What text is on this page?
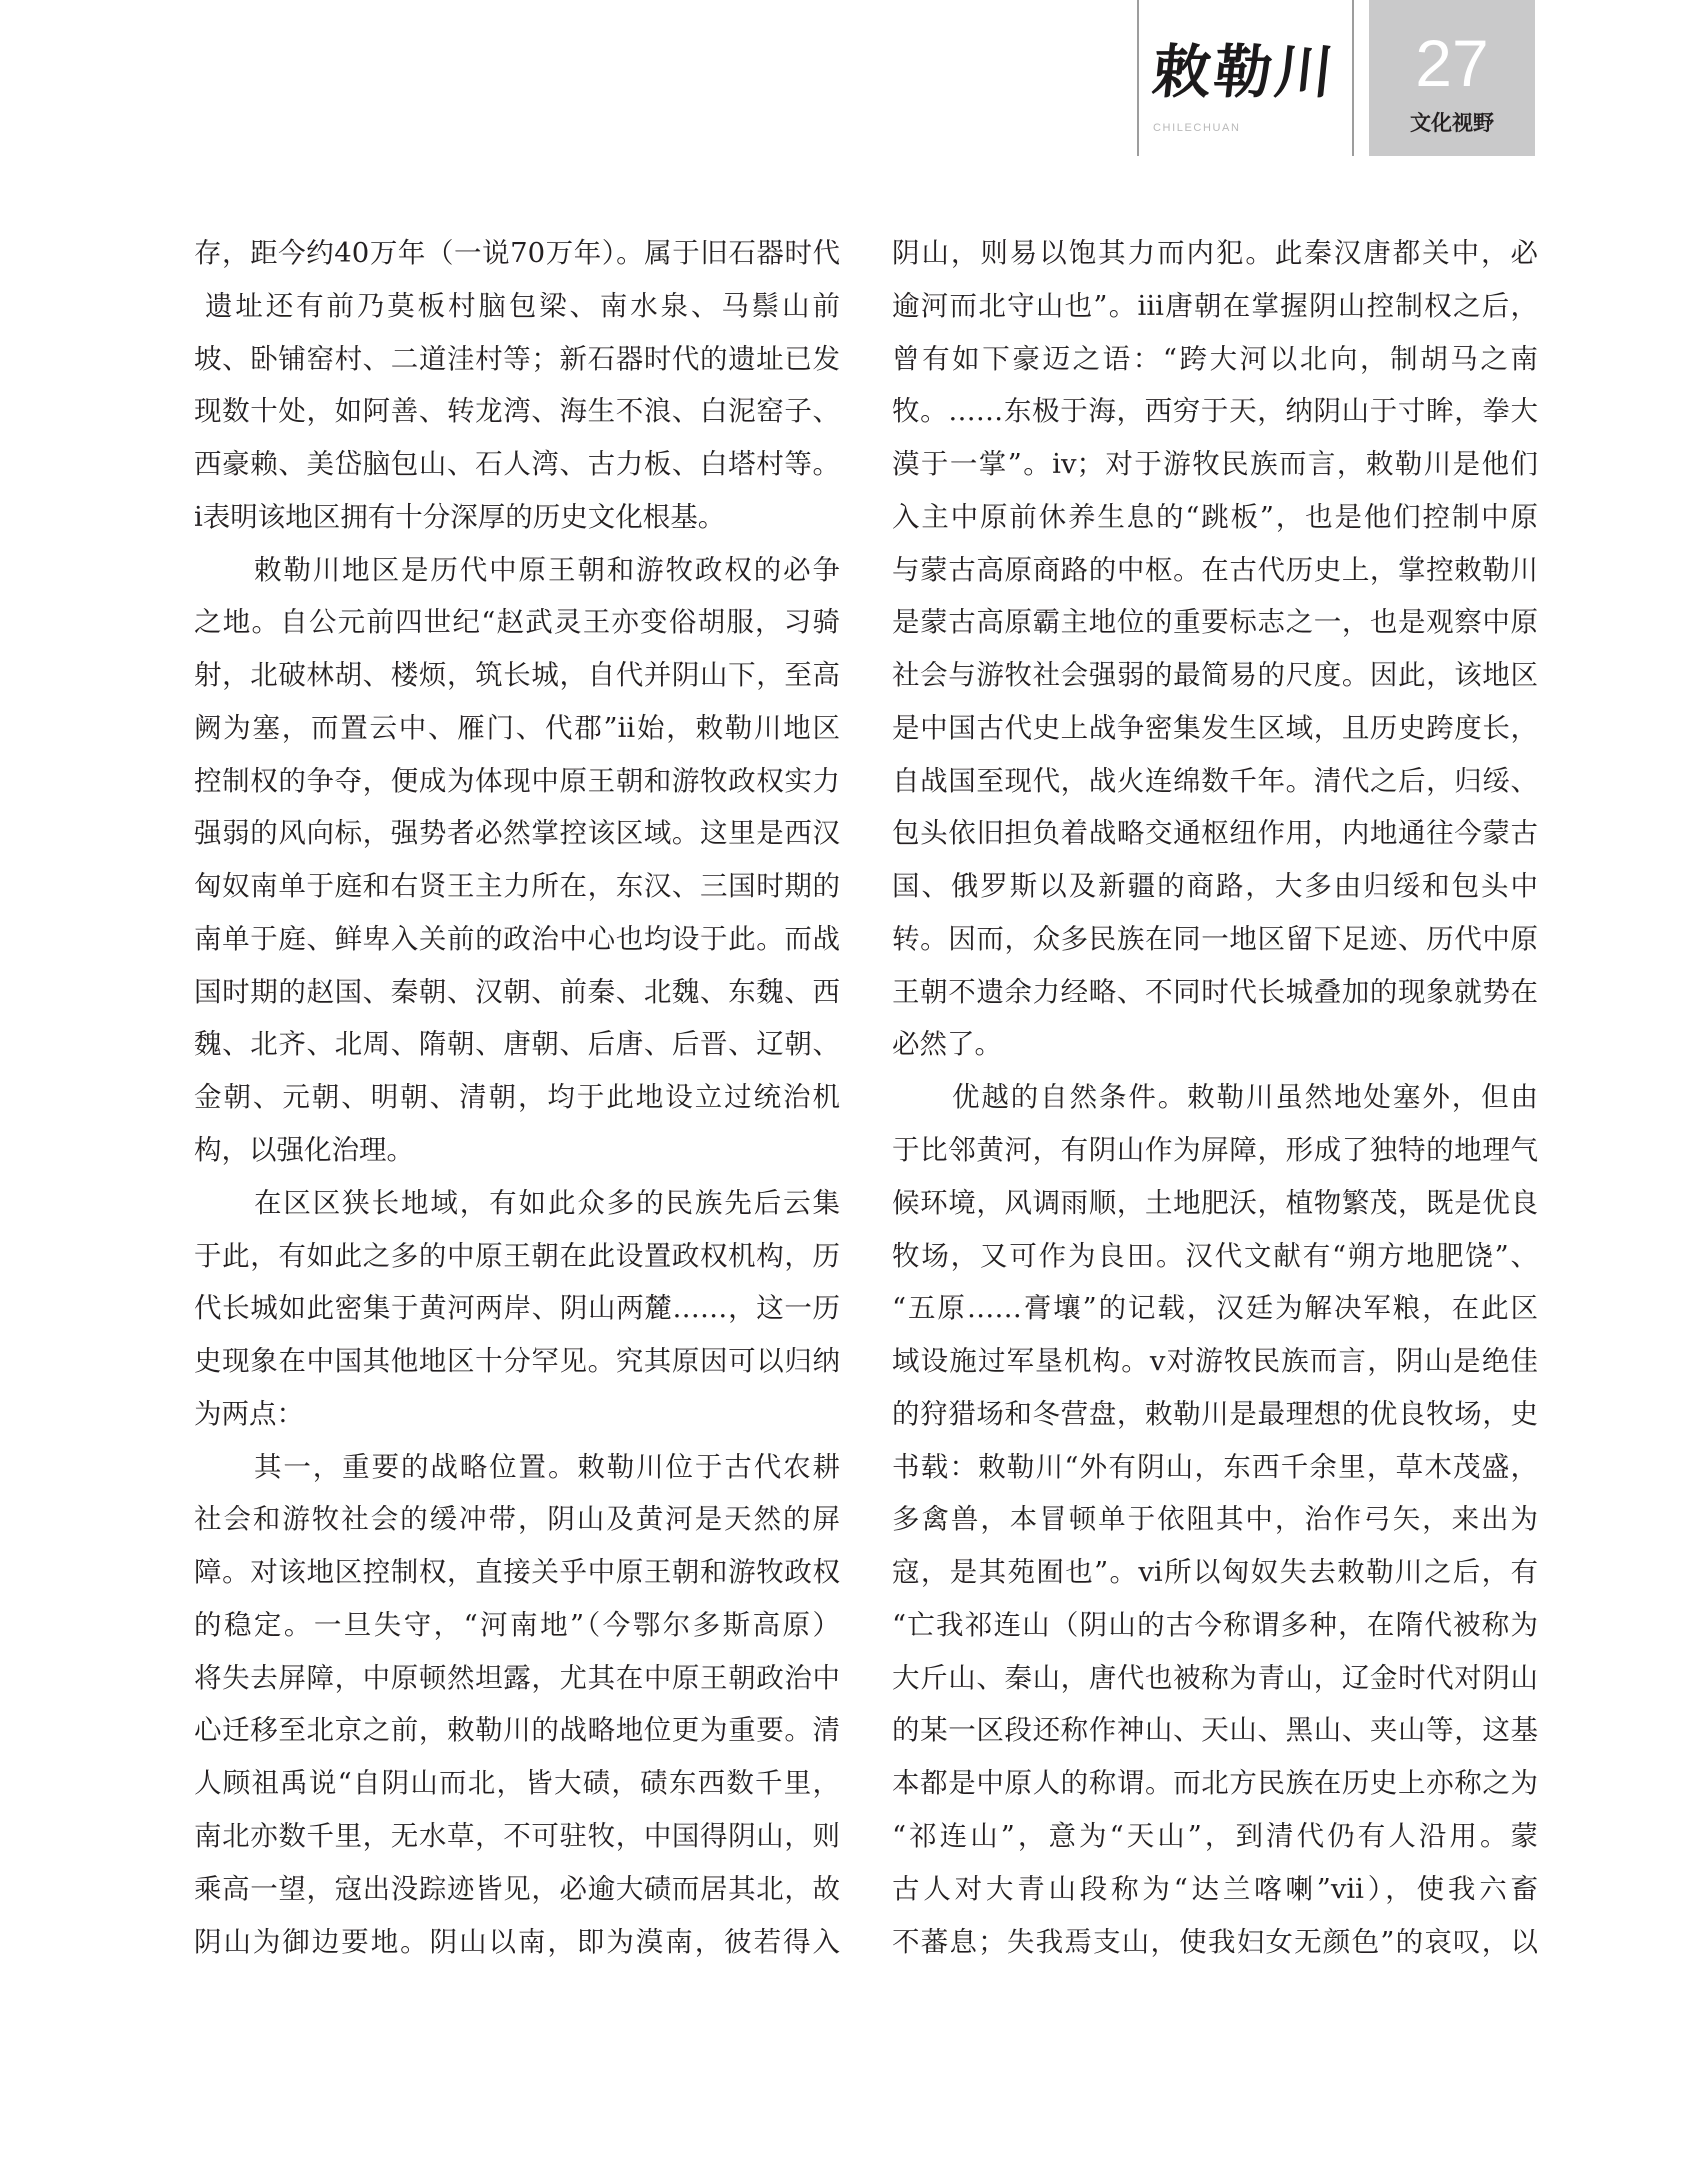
敕勒川
CHILECHUAN
27
文化视野
存，距今约40万年（一说70万年）。属于旧石器时代
遗址还有前乃莫板村脑包梁、南水泉、马鬃山前
坡、卧铺窑村、二道洼村等；新石器时代的遗址已发
现数十处，如阿善、转龙湾、海生不浪、白泥窑子、
西豪赖、美岱脑包山、石人湾、古力板、白塔村等。
i表明该地区拥有十分深厚的历史文化根基。
敕勒川地区是历代中原王朝和游牧政权的必争
之地。自公元前四世纪“赵武灵王亦变俗胡服，习骑
射，北破林胡、楼烦，筑长城，自代并阴山下，至高
阙为塞，而置云中、雁门、代郡”ii始，敕勒川地区
控制权的争夺，便成为体现中原王朝和游牧政权实力
强弱的风向标，强势者必然掌控该区域。这里是西汉
匈奴南单于庭和右贤王主力所在，东汉、三国时期的
南单于庭、鲜卑入关前的政治中心也均设于此。而战
国时期的赵国、秦朝、汉朝、前秦、北魏、东魏、西
魏、北齐、北周、隋朝、唐朝、后唐、后晋、辽朝、
金朝、元朝、明朝、清朝，均于此地设立过统治机
构，以强化治理。
在区区狭长地域，有如此众多的民族先后云集
于此，有如此之多的中原王朝在此设置政权机构，历
代长城如此密集于黄河两岸、阴山两麓……，这一历
史现象在中国其他地区十分罕见。究其原因可以归纳
为两点：
其一，重要的战略位置。敕勒川位于古代农耕
社会和游牧社会的缓冲带，阴山及黄河是天然的屏
障。对该地区控制权，直接关乎中原王朝和游牧政权
的稳定。一旦失守，“河南地”（今鄂尔多斯高原）
将失去屏障，中原顿然坦露，尤其在中原王朝政治中
心迁移至北京之前，敕勒川的战略地位更为重要。清
人顾祖禹说“自阴山而北，皆大碛，碛东西数千里，
南北亦数千里，无水草，不可驻牧，中国得阴山，则
乘高一望，寇出没踪迹皆见，必逾大碛而居其北，故
阴山为御边要地。阴山以南，即为漠南，彼若得入
阴山，则易以饱其力而内犯。此秦汉唐都关中，必
逾河而北守山也”。iii唐朝在掌握阴山控制权之后，
曾有如下豪迈之语：“跨大河以北向，制胡马之南
牧。……东极于海，西穷于天，纳阴山于寸眸，拳大
漠于一掌”。iv；对于游牧民族而言，敕勒川是他们
入主中原前休养生息的“跳板”，也是他们控制中原
与蒙古高原商路的中枢。在古代历史上，掌控敕勒川
是蒙古高原霸主地位的重要标志之一，也是观察中原
社会与游牧社会强弱的最简易的尺度。因此，该地区
是中国古代史上战争密集发生区域，且历史跨度长，
自战国至现代，战火连绵数千年。清代之后，归绥、
包头依旧担负着战略交通枢纽作用，内地通往今蒙古
国、俄罗斯以及新疆的商路，大多由归绥和包头中
转。因而，众多民族在同一地区留下足迹、历代中原
王朝不遗余力经略、不同时代长城叠加的现象就势在
必然了。
优越的自然条件。敕勒川虽然地处塞外，但由
于比邻黄河，有阴山作为屏障，形成了独特的地理气
候环境，风调雨顺，土地肥沃，植物繁茂，既是优良
牧场，又可作为良田。汉代文献有“朔方地肥饶”、
“五原……膏壤”的记载，汉廷为解决军粮，在此区
域设施过军垦机构。v对游牧民族而言，阴山是绝佳
的狩猎场和冬营盘，敕勒川是最理想的优良牧场，史
书载：敕勒川“外有阴山，东西千余里，草木茂盛，
多禽兽，本冒顿单于依阻其中，治作弓矢，来出为
寇，是其苑囿也”。vi所以匈奴失去敕勒川之后，有
“亡我祁连山（阴山的古今称谓多种，在隋代被称为
大斤山、秦山，唐代也被称为青山，辽金时代对阴山
的某一区段还称作神山、天山、黑山、夹山等，这基
本都是中原人的称谓。而北方民族在历史上亦称之为
“祁连山”，意为“天山”，到清代仍有人沿用。蒙
古人对大青山段称为“达兰喀喇”vii），使我六畜
不蕃息；失我焉支山，使我妇女无颜色”的哀叹，以
